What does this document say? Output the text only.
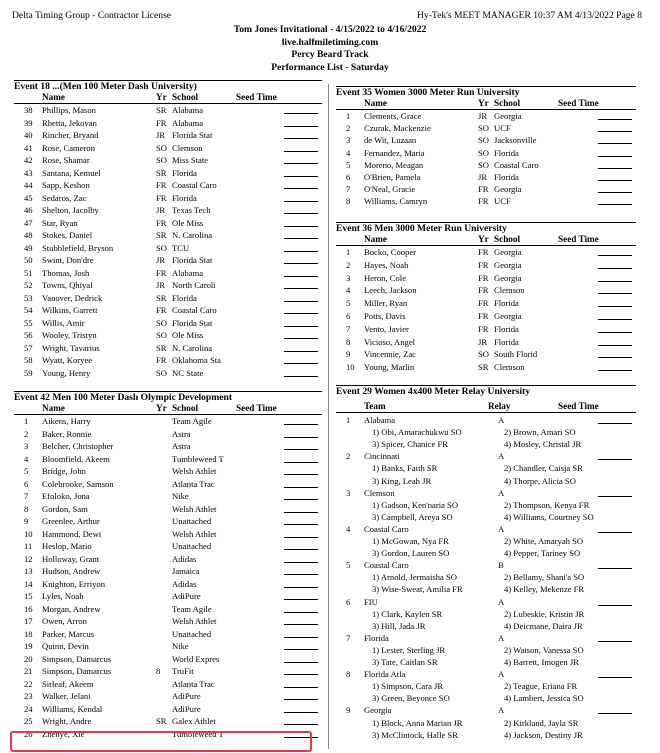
Delta Timing Group - Contractor License	Hy-Tek's MEET MANAGER 10:37 AM 4/13/2022 Page 8
Tom Jones Invitational - 4/15/2022 to 4/16/2022
live.halfmiletiming.com
Percy Beard Track
Performance List - Saturday
Event 18 ...(Men 100 Meter Dash University)
Name	Yr School	Seed Time
38 Phillips, Mason	SR Alabama
39 Rhetta, Jekovan	FR Alabama
40 Rincher, Bryand	JR Florida Stat
41 Rose, Cameron	SO Clemson
42 Rose, Shamar	SO Miss State
43 Santana, Kemuel	SR Florida
44 Sapp, Keshon	FR Coastal Caro
45 Sedaros, Zac	FR Florida
46 Shelton, Jacolby	JR Texas Tech
47 Star, Ryan	FR Ole Miss
48 Stokes, Daniel	SR N. Carolina
49 Stubblefield, Bryson	SO TCU
50 Swint, Don'dre	JR Florida Stat
51 Thomas, Josh	FR Alabama
52 Towns, Qhiyal	JR North Caroli
53 Vanover, Dedrick	SR Florida
54 Wilkins, Garrett	FR Coastal Caro
55 Willis, Amir	SO Florida Stat
56 Wooley, Tristyn	SO Ole Miss
57 Wright, Tavarius	SR N. Carolina
58 Wyatt, Koryee	FR Oklahoma Sta
59 Young, Henry	SO NC State
Event 42 Men 100 Meter Dash Olympic Development
Name	Yr School	Seed Time
1 Aikens, Harry	Team Agile
2 Baker, Ronnie	Astra
3 Belcher, Christopher	Astra
4 Bloomfield, Akeem	Tumbleweed T
5 Bridge, John	Welsh Athlet
6 Colebrooke, Samson	Atlanta Trac
7 Efoloko, Jona	Nike
8 Gordon, Sam	Welsh Athlet
9 Greenlee, Arthur	Unattached
10 Hammond, Dewi	Welsh Athlet
11 Heslop, Mario	Unattached
12 Holloway, Grant	Adidas
13 Hudson, Andrew	Jamaica
14 Knighton, Erriyon	Adidas
15 Lyles, Noah	AdiPure
16 Morgan, Andrew	Team Agile
17 Owen, Arron	Welsh Athlet
18 Parker, Marcus	Unattached
19 Quinn, Devin	Nike
20 Simpson, Damarcus	World Expres
21 Simpson, Damarcus	8 TruFit
22 Sirleaf, Akeem	Atlanta Trac
23 Walker, Jelani	AdiPure
24 Williams, Kendal	AdiPure
25 Wright, Andre	SR Galex Athlet
26 Zhenye, Xie	Tumbleweed T
Event 35 Women 3000 Meter Run University
Name	Yr School	Seed Time
1 Clements, Grace	JR Georgia
2 Czurak, Mackenzie	SO UCF
3 de Wit, Luzaan	SO Jacksonville
4 Fernandez, Maria	SO Florida
5 Moreno, Meagan	SO Coastal Caro
6 O'Brien, Pamela	JR Florida
7 O'Neal, Gracie	FR Georgia
8 Williams, Camryn	FR UCF
Event 36 Men 3000 Meter Run University
Name	Yr School	Seed Time
1 Bocko, Cooper	FR Georgia
2 Hayes, Noah	FR Georgia
3 Heron, Cole	FR Georgia
4 Leech, Jackson	FR Clemson
5 Miller, Ryan	FR Florida
6 Potts, Davis	FR Georgia
7 Vento, Javier	FR Florida
8 Vicioso, Angel	JR Florida
9 Vincennie, Zac	SO South Florid
10 Young, Marlin	SR Clemson
Event 29 Women 4x400 Meter Relay University
Team	Relay	Seed Time
1 Alabama	A
1) Obi, Amarachukwu SO	2) Brown, Amari SO
3) Spicer, Chanice FR	4) Mosley, Christal JR
2 Cincinnati	A
1) Banks, Faith SR	2) Chandler, Caisja SR
3) King, Leah JR	4) Thorpe, Alicia SO
3 Clemson	A
1) Gadson, Ken'naria SO	2) Thompson, Kenya FR
3) Campbell, Areya SO	4) Williams, Courtney SO
4 Coastal Caro	A
1) McGowan, Nya FR	2) White, Amaryah SO
3) Gordon, Lauren SO	4) Pepper, Tariney SO
5 Coastal Caro	B
1) Arnold, Jermaisha SO	2) Bellamy, Shani'a SO
3) Wise-Sweat, Amilia FR	4) Kelley, Mekenze FR
6 FIU	A
1) Clark, Kaylen SR	2) Lubeskie, Kristin JR
3) Hill, Jada JR	4) Deicmane, Daira JR
7 Florida	A
1) Lester, Sterling JR	2) Watson, Vanessa SO
3) Tate, Caitlan SR	4) Barrett, Imogen JR
8 Florida Atla	A
1) Simpson, Cara JR	2) Teague, Eriana FR
3) Green, Beyonce SO	4) Lambert, Jessica SO
9 Georgia	A
1) Block, Anna Marian JR	2) Kirkland, Jayla SR
3) McClintock, Halle SR	4) Jackson, Destiny JR
